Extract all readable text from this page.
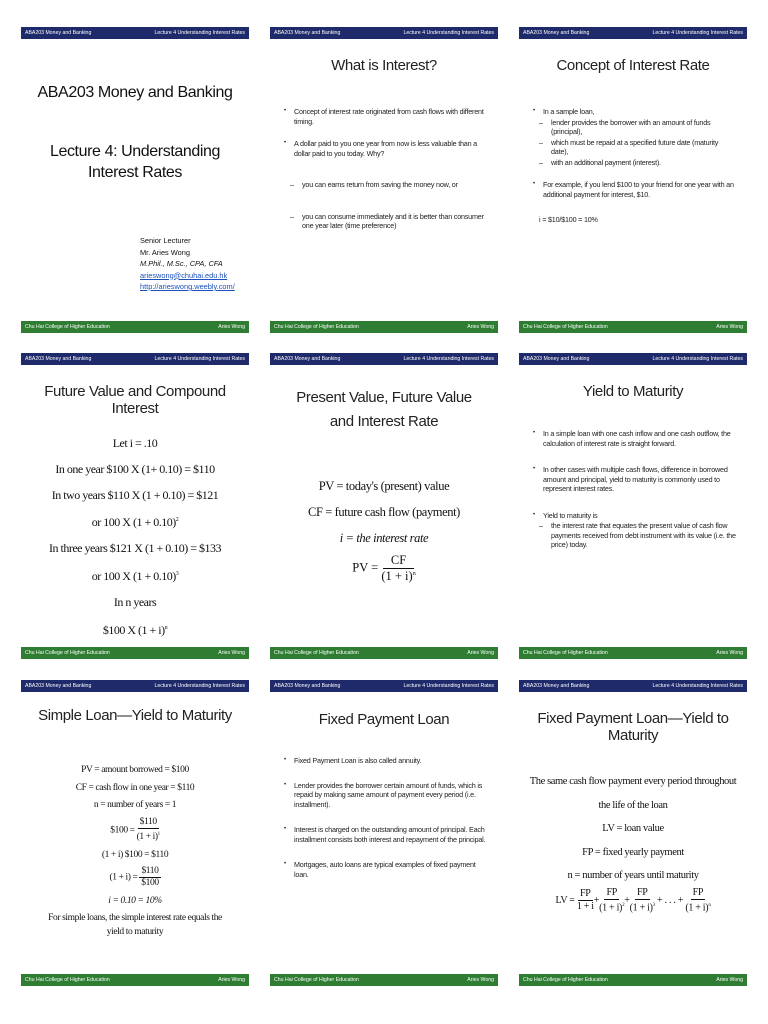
ABA203 Money and Banking	Lecture 4 Understanding Interest Rates
ABA203 Money and Banking
Lecture 4: Understanding Interest Rates
Senior Lecturer
Mr. Aries Wong
M.Phil., M.Sc., CPA, CFA
arieswong@chuhai.edu.hk
http://arieswong.weebly.com/
Chu Hai College of Higher Education	Aries Wong
ABA203 Money and Banking	Lecture 4 Understanding Interest Rates
What is Interest?
• Concept of interest rate originated from cash flows with different timing.
• A dollar paid to you one year from now is less valuable than a dollar paid to you today. Why?
– you can earns return from saving the money now, or
– you can consume immediately and it is better than consumer one year later (time preference)
Chu Hai College of Higher Education	Aries Wong
ABA203 Money and Banking	Lecture 4 Understanding Interest Rates
Concept of Interest Rate
• In a sample loan,
– lender provides the borrower with an amount of funds (principal),
– which must be repaid at a specified future date (maturity date),
– with an additional payment (interest).
• For example, if you lend $100 to your friend for one year with an additional payment for interest, $10.
i = $10/$100 = 10%
Chu Hai College of Higher Education	Aries Wong
ABA203 Money and Banking	Lecture 4 Understanding Interest Rates
Future Value and Compound Interest
Let i = .10
In one year $100 X (1+ 0.10) = $110
In two years $110 X (1 + 0.10) = $121
or 100 X $(1 + 0.10)^2$
In three years $121 X (1 + 0.10) = $133
or 100 X $(1 + 0.10)^3$
In n years
$100 X $(1 + i)^n$
Chu Hai College of Higher Education	Aries Wong
ABA203 Money and Banking	Lecture 4 Understanding Interest Rates
Present Value, Future Value and Interest Rate
PV = today's (present) value
CF = future cash flow (payment)
i = the interest rate
PV = $\frac{CF}{(1 + i)^n}$
Chu Hai College of Higher Education	Aries Wong
ABA203 Money and Banking	Lecture 4 Understanding Interest Rates
Yield to Maturity
• In a simple loan with one cash inflow and one cash outflow, the calculation of interest rate is straight forward.
• In other cases with multiple cash flows, difference in borrowed amount and principal, yield to maturity is commonly used to represent interest rates.
• Yield to maturity is
– the interest rate that equates the present value of cash flow payments received from debt instrument with its value (i.e. the price) today.
Chu Hai College of Higher Education	Aries Wong
ABA203 Money and Banking	Lecture 4 Understanding Interest Rates
Simple Loan—Yield to Maturity
PV = amount borrowed = $100
CF = cash flow in one year = $110
n = number of years = 1
$100 = $\frac{\$110}{(1 + i)^1}$
(1 + i) $100 = $110
$(1 + i) = \frac{\$110}{\$100}$
i = 0.10 = 10%
For simple loans, the simple interest rate equals the yield to maturity
Chu Hai College of Higher Education	Aries Wong
ABA203 Money and Banking	Lecture 4 Understanding Interest Rates
Fixed Payment Loan
• Fixed Payment Loan is also called annuity.
• Lender provides the borrower certain amount of funds, which is repaid by making same amount of payment every period (i.e. installment).
• Interest is charged on the outstanding amount of principal. Each installment consists both interest and repayment of the principal.
• Mortgages, auto loans are typical examples of fixed payment loan.
Chu Hai College of Higher Education	Aries Wong
ABA203 Money and Banking	Lecture 4 Understanding Interest Rates
Fixed Payment Loan—Yield to Maturity
The same cash flow payment every period throughout
the life of the loan
LV = loan value
FP = fixed yearly payment
n = number of years until maturity
LV = $\frac{FP}{1 + i} + \frac{FP}{(1 + i)^2} + \frac{FP}{(1 + i)^3}$ + . . . + $\frac{FP}{(1 + i)^n}$
Chu Hai College of Higher Education	Aries Wong
